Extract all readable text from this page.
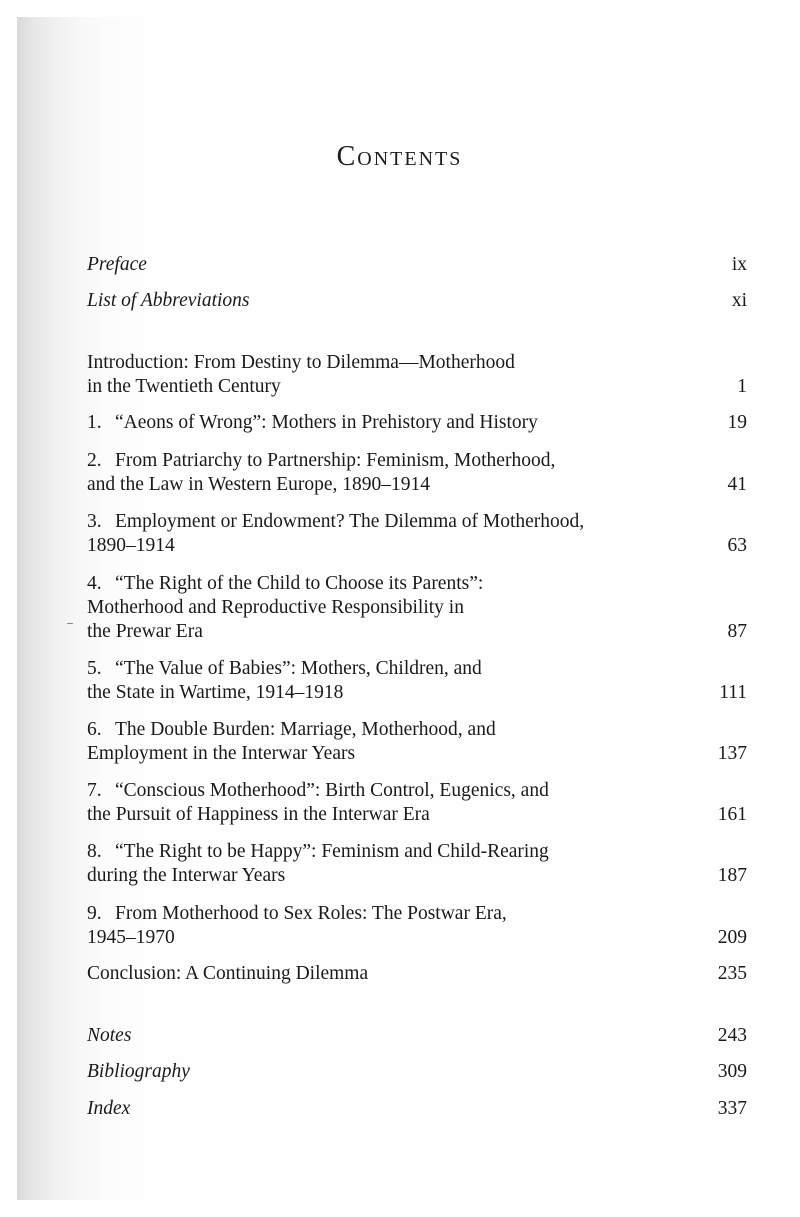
Contents
Preface	ix
List of Abbreviations	xi
Introduction: From Destiny to Dilemma—Motherhood
in the Twentieth Century	1
1. “Aeons of Wrong”: Mothers in Prehistory and History	19
2. From Patriarchy to Partnership: Feminism, Motherhood,
and the Law in Western Europe, 1890–1914	41
3. Employment or Endowment? The Dilemma of Motherhood,
1890–1914	63
4. “The Right of the Child to Choose its Parents”:
Motherhood and Reproductive Responsibility in
the Prewar Era	87
5. “The Value of Babies”: Mothers, Children, and
the State in Wartime, 1914–1918	111
6. The Double Burden: Marriage, Motherhood, and
Employment in the Interwar Years	137
7. “Conscious Motherhood”: Birth Control, Eugenics, and
the Pursuit of Happiness in the Interwar Era	161
8. “The Right to be Happy”: Feminism and Child-Rearing
during the Interwar Years	187
9. From Motherhood to Sex Roles: The Postwar Era,
1945–1970	209
Conclusion: A Continuing Dilemma	235
Notes	243
Bibliography	309
Index	337
